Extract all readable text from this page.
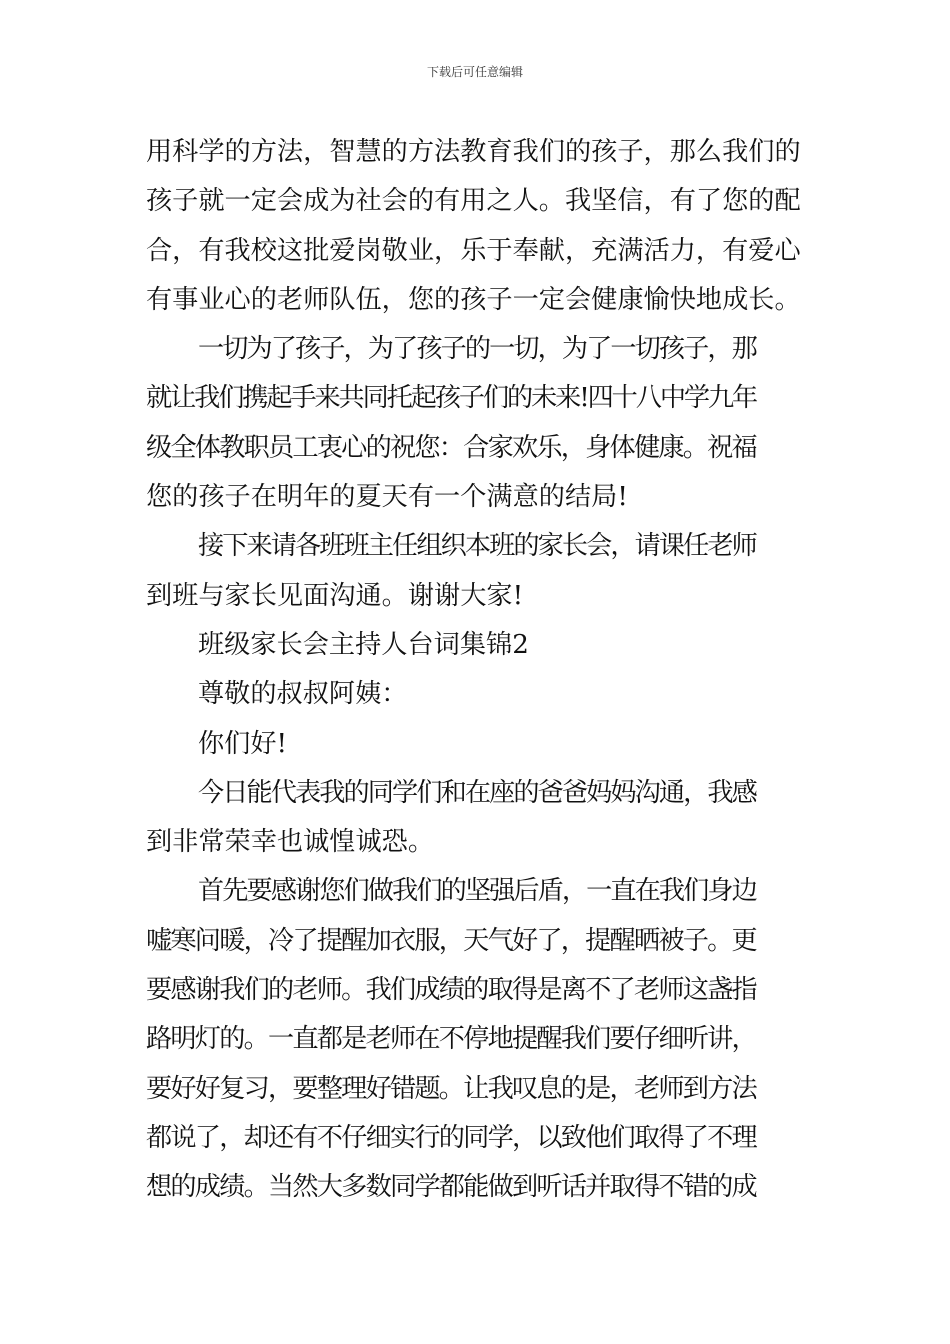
下载后可任意编辑

用科学的方法，智慧的方法教育我们的孩子，那么我们的
孩子就一定会成为社会的有用之人。我坚信，有了您的配
合，有我校这批爱岗敬业，乐于奉献，充满活力，有爱心
有事业心的老师队伍，您的孩子一定会健康愉快地成长。

一切为了孩子，为了孩子的一切，为了一切孩子，那
就让我们携起手来共同托起孩子们的未来!四十八中学九年
级全体教职员工衷心的祝您：合家欢乐，身体健康。祝福
您的孩子在明年的夏天有一个满意的结局!

接下来请各班班主任组织本班的家长会，请课任老师
到班与家长见面沟通。谢谢大家!

班级家长会主持人台词集锦2

尊敬的叔叔阿姨：

你们好!

今日能代表我的同学们和在座的爸爸妈妈沟通，我感
到非常荣幸也诚惶诚恐。

首先要感谢您们做我们的坚强后盾，一直在我们身边
嘘寒问暖，冷了提醒加衣服，天气好了，提醒晒被子。更
要感谢我们的老师。我们成绩的取得是离不了老师这盏指
路明灯的。一直都是老师在不停地提醒我们要仔细听讲，
要好好复习，要整理好错题。让我叹息的是，老师到方法
都说了，却还有不仔细实行的同学，以致他们取得了不理
想的成绩。当然大多数同学都能做到听话并取得不错的成
